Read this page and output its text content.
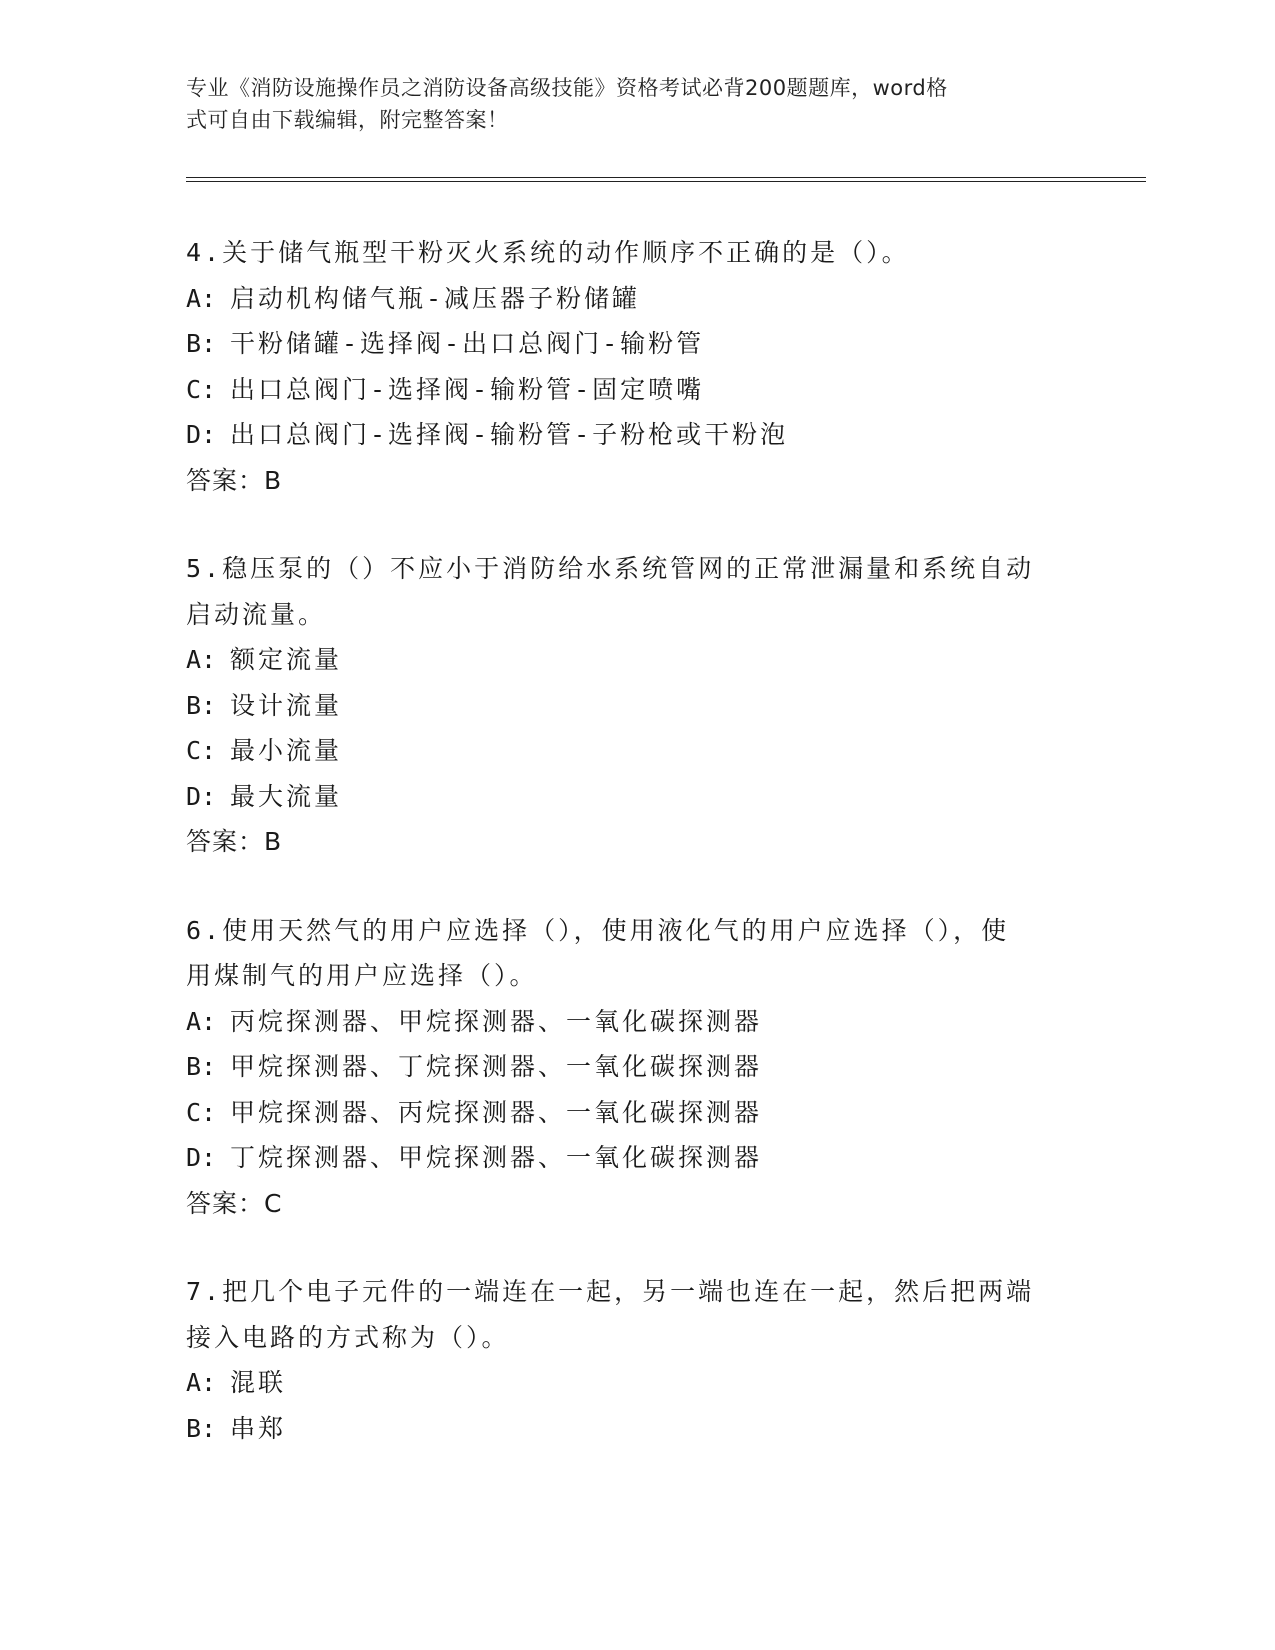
专业《消防设施操作员之消防设备高级技能》资格考试必背200题题库，word格
式可自由下载编辑，附完整答案！
4.关于储气瓶型干粉灭火系统的动作顺序不正确的是（）。
A: 启动机构储气瓶-减压器子粉储罐
B: 干粉储罐-选择阀-出口总阀门-输粉管
C: 出口总阀门-选择阀-输粉管-固定喷嘴
D: 出口总阀门-选择阀-输粉管-子粉枪或干粉泡
答案：B
5.稳压泵的（）不应小于消防给水系统管网的正常泄漏量和系统自动
启动流量。
A: 额定流量
B: 设计流量
C: 最小流量
D: 最大流量
答案：B
6.使用天然气的用户应选择（），使用液化气的用户应选择（），使
用煤制气的用户应选择（）。
A: 丙烷探测器、甲烷探测器、一氧化碳探测器
B: 甲烷探测器、丁烷探测器、一氧化碳探测器
C: 甲烷探测器、丙烷探测器、一氧化碳探测器
D: 丁烷探测器、甲烷探测器、一氧化碳探测器
答案：C
7.把几个电子元件的一端连在一起，另一端也连在一起，然后把两端
接入电路的方式称为（）。
A: 混联
B: 串郑
